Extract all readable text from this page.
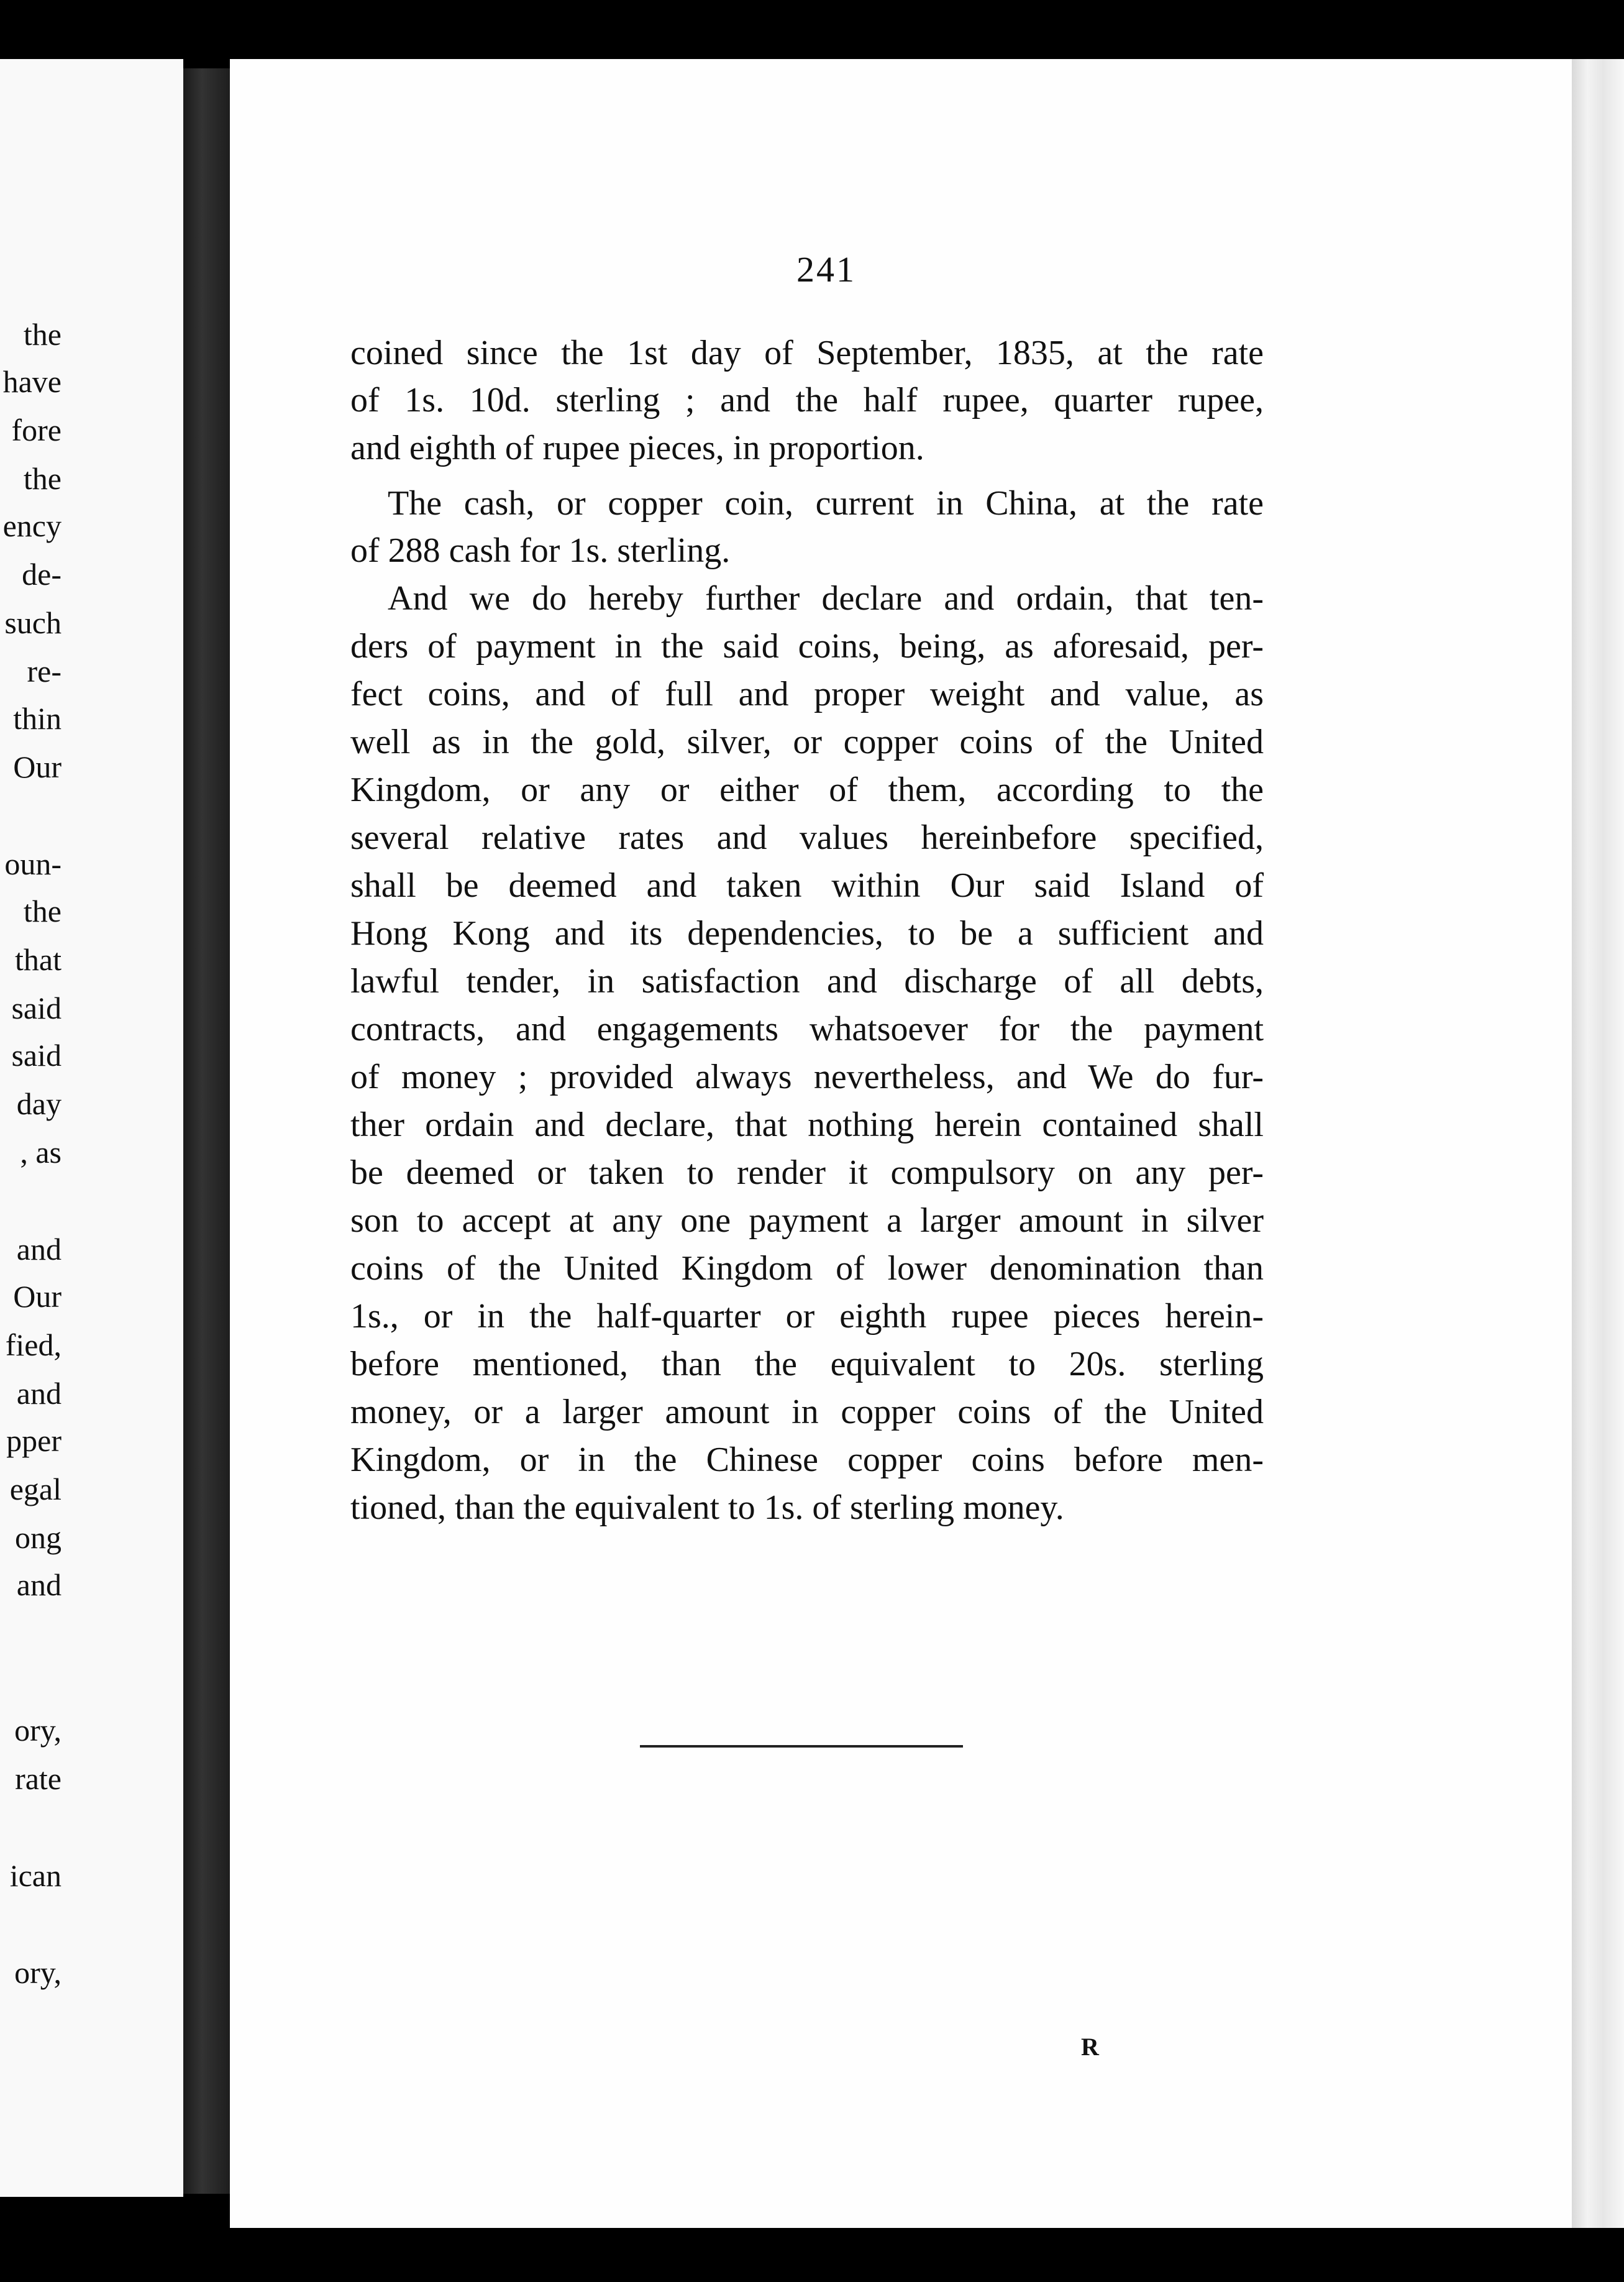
the
have
fore
the
ency
de-
such
re-
thin
Our
oun-
the
that
said
said
day
, as
and
Our
fied,
and
pper
egal
ong
and
ory,
rate
ican
ory,
241
coined since the 1st day of September, 1835, at the rate
of 1s. 10d. sterling ; and the half rupee, quarter rupee,
and eighth of rupee pieces, in proportion.
The cash, or copper coin, current in China, at the rate
of 288 cash for 1s. sterling.
And we do hereby further declare and ordain, that ten-
ders of payment in the said coins, being, as aforesaid, per-
fect coins, and of full and proper weight and value, as
well as in the gold, silver, or copper coins of the United
Kingdom, or any or either of them, according to the
several relative rates and values hereinbefore specified,
shall be deemed and taken within Our said Island of
Hong Kong and its dependencies, to be a sufficient and
lawful tender, in satisfaction and discharge of all debts,
contracts, and engagements whatsoever for the payment
of money ; provided always nevertheless, and We do fur-
ther ordain and declare, that nothing herein contained shall
be deemed or taken to render it compulsory on any per-
son to accept at any one payment a larger amount in silver
coins of the United Kingdom of lower denomination than
1s., or in the half-quarter or eighth rupee pieces herein-
before mentioned, than the equivalent to 20s. sterling
money, or a larger amount in copper coins of the United
Kingdom, or in the Chinese copper coins before men-
tioned, than the equivalent to 1s. of sterling money.
R
